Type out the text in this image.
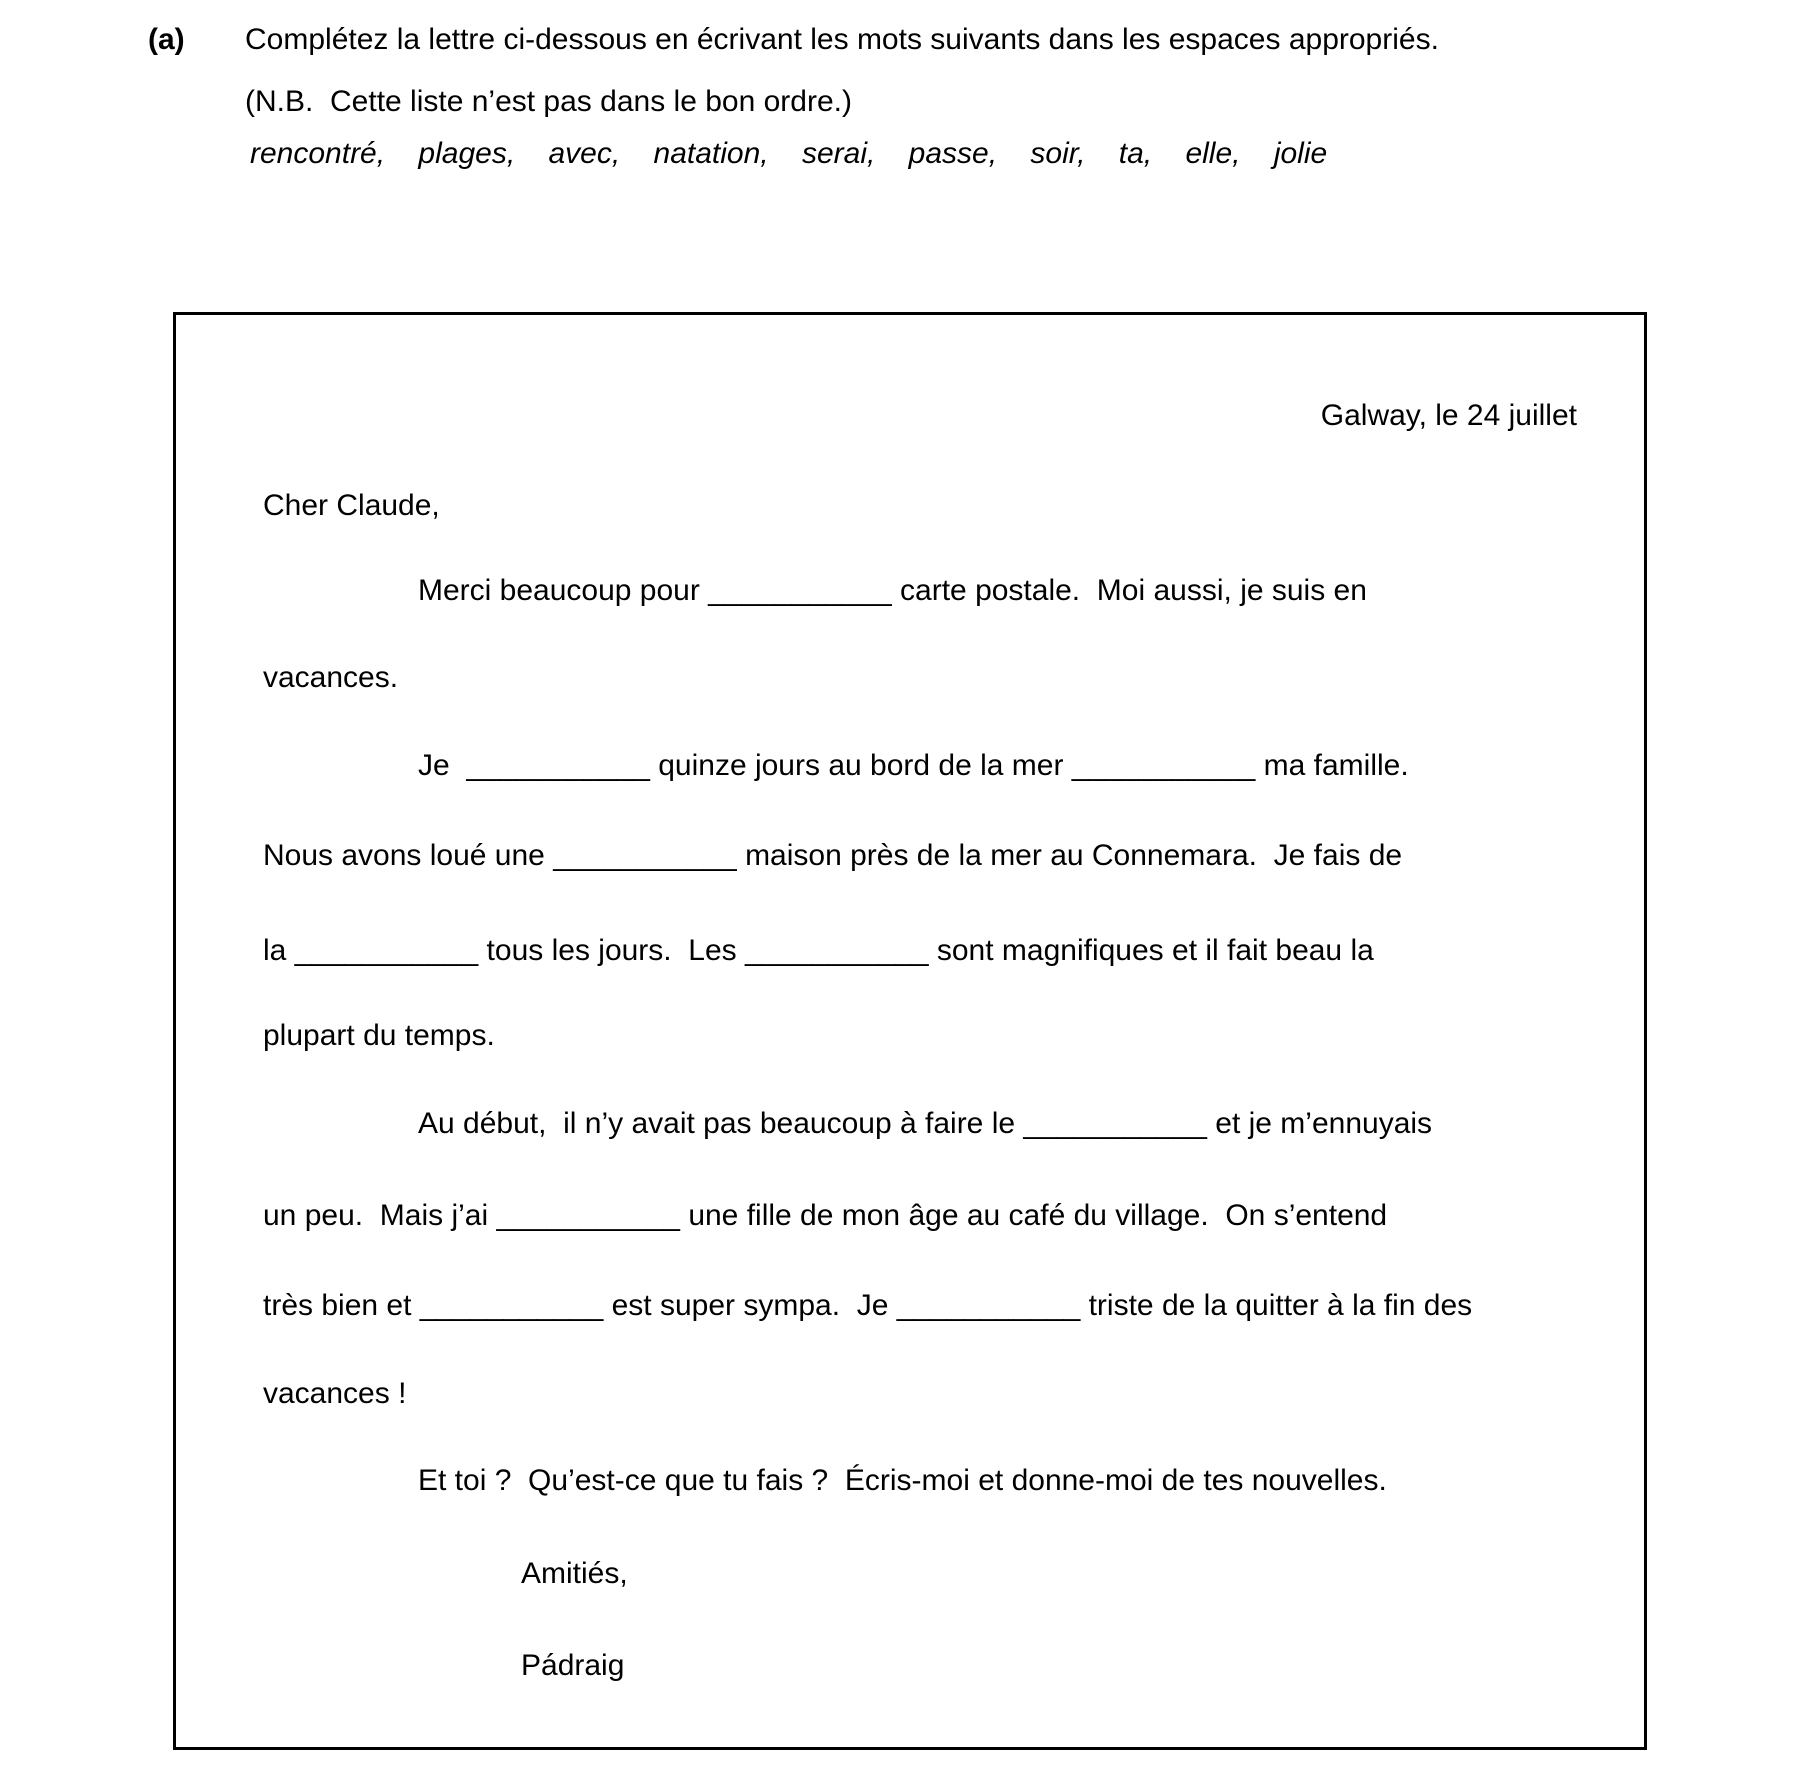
(a) Complétez la lettre ci-dessous en écrivant les mots suivants dans les espaces appropriés.
(N.B.  Cette liste n’est pas dans le bon ordre.)
rencontré,    plages,    avec,    natation,    serai,    passe,    soir,    ta,    elle,    jolie
Galway, le 24 juillet
Cher Claude,
Merci beaucoup pour ___________ carte postale.  Moi aussi, je suis en
vacances.
Je  ___________ quinze jours au bord de la mer ___________ ma famille.
Nous avons loué une ___________ maison près de la mer au Connemara.  Je fais de
la ___________ tous les jours.  Les ___________ sont magnifiques et il fait beau la
plupart du temps.
Au début,  il n’y avait pas beaucoup à faire le ___________ et je m’ennuyais
un peu.  Mais j’ai ___________ une fille de mon âge au café du village.  On s’entend
très bien et ___________ est super sympa.  Je ___________ triste de la quitter à la fin des
vacances !
Et toi ?  Qu’est-ce que tu fais ?  Écris-moi et donne-moi de tes nouvelles.
Amitiés,
Pádraig
